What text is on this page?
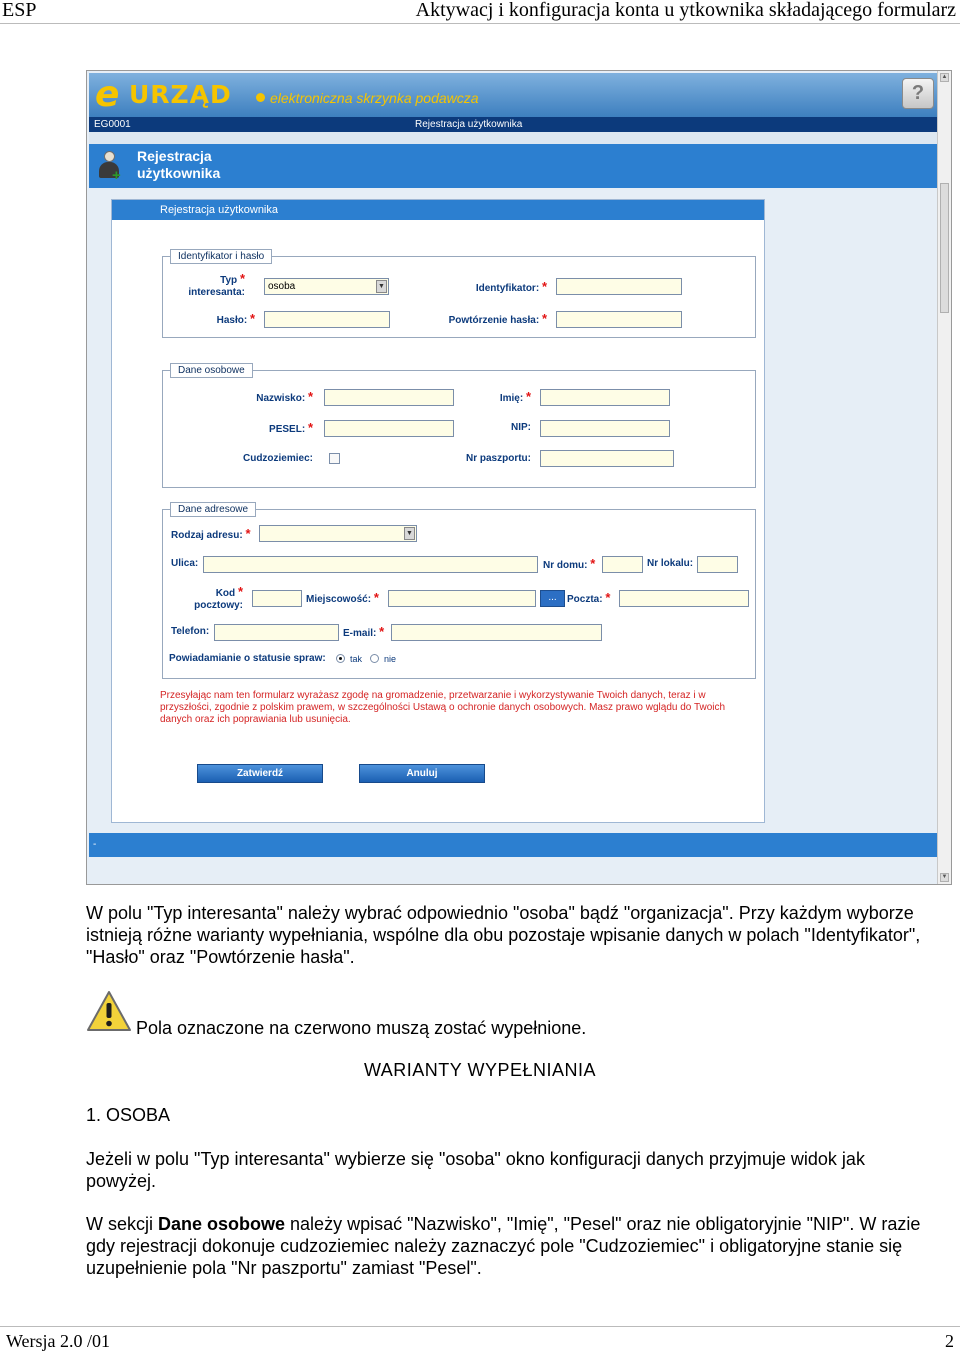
ESP	Aktywacj i konfiguracja konta u ytkownika składającego formularz
e URZĄD	elektroniczna skrzynka podawcza	?
EG0001	Rejestracja użytkownika
+
Rejestracja
użytkownika
Rejestracja użytkownika
Identyfikator i hasło
Typ *
interesanta:
osoba	▼	Identyfikator: *
Hasło: *	Powtórzenie hasła: *
Dane osobowe
Nazwisko: *	Imię: *
PESEL: *	NIP:
Cudzoziemiec:	Nr paszportu:
Dane adresowe
Rodzaj adresu: *	▼
Ulica:	Nr domu: *	Nr lokalu:
Kod *
pocztowy:
Miejscowość: *	...	Poczta: *
Telefon:	E-mail: *
Powiadamianie o statusie spraw:	tak nie
Przesyłając nam ten formularz wyrażasz zgodę na gromadzenie, przetwarzanie i wykorzystywanie Twoich danych, teraz i w przyszłości, zgodnie z polskim prawem, w szczególności Ustawą o ochronie danych osobowych. Masz prawo wglądu do Twoich danych oraz ich poprawiania lub usunięcia.
Zatwierdź	Anuluj
-
▲
▼
W polu "Typ interesanta" należy wybrać odpowiednio "osoba" bądź "organizacja". Przy każdym wyborze istnieją różne warianty wypełniania, wspólne dla obu pozostaje wpisanie danych w polach "Identyfikator", "Hasło" oraz "Powtórzenie hasła".
Pola oznaczone na czerwono muszą zostać wypełnione.
WARIANTY WYPEŁNIANIA
1. OSOBA
Jeżeli w polu "Typ interesanta" wybierze się "osoba" okno konfiguracji danych przyjmuje widok jak powyżej.
W sekcji Dane osobowe należy wpisać "Nazwisko", "Imię", "Pesel" oraz nie obligatoryjnie "NIP". W razie gdy rejestracji dokonuje cudzoziemiec należy zaznaczyć pole "Cudzoziemiec" i obligatoryjne stanie się uzupełnienie pola "Nr paszportu" zamiast "Pesel".
Wersja 2.0 /01	2
